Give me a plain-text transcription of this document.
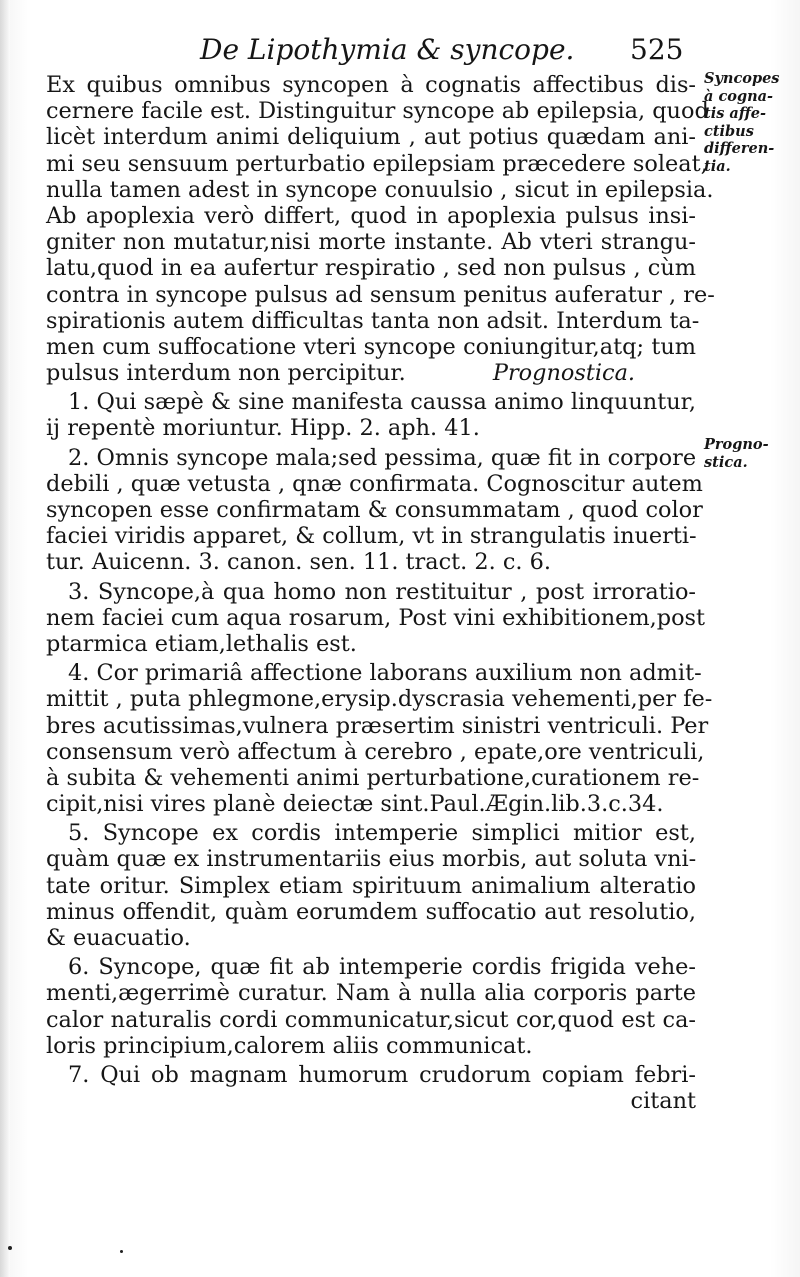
De Lipothymia & syncope. 525
Syncopes
à cogna-
tis affe-
ctibus
differen-
tia.
Progno-
stica.
Ex quibus omnibus syncopen à cognatis affectibus dis-
cernere facile est. Distinguitur syncope ab epilepsia, quod
licèt interdum animi deliquium , aut potius quædam ani-
mi seu sensuum perturbatio epilepsiam præcedere soleat,
nulla tamen adest in syncope conuulsio , sicut in epilepsia.
Ab apoplexia verò differt, quod in apoplexia pulsus insi-
gniter non mutatur,nisi morte instante. Ab vteri strangu-
latu,quod in ea aufertur respiratio , sed non pulsus , cùm
contra in syncope pulsus ad sensum penitus auferatur , re-
spirationis autem difficultas tanta non adsit. Interdum ta-
men cum suffocatione vteri syncope coniungitur,atq; tum
pulsus interdum non percipitur.	Prognostica.
1. Qui sæpè & sine manifesta caussa animo linquuntur,
ij repentè moriuntur. Hipp. 2. aph. 41.
2. Omnis syncope mala;sed pessima, quæ fit in corpore
debili , quæ vetusta , qnæ confirmata. Cognoscitur autem
syncopen esse confirmatam & consummatam , quod color
faciei viridis apparet, & collum, vt in strangulatis inuerti-
tur. Auicenn. 3. canon. sen. 11. tract. 2. c. 6.
3. Syncope,à qua homo non restituitur , post irroratio-
nem faciei cum aqua rosarum, Post vini exhibitionem,post
ptarmica etiam,lethalis est.
4. Cor primariâ affectione laborans auxilium non admit-
mittit , puta phlegmone,erysip.dyscrasia vehementi,per fe-
bres acutissimas,vulnera præsertim sinistri ventriculi. Per
consensum verò affectum à cerebro , epate,ore ventriculi,
à subita & vehementi animi perturbatione,curationem re-
cipit,nisi vires planè deiectæ sint.Paul.Ægin.lib.3.c.34.
5. Syncope ex cordis intemperie simplici mitior est,
quàm quæ ex instrumentariis eius morbis, aut soluta vni-
tate oritur. Simplex etiam spirituum animalium alteratio
minus offendit, quàm eorumdem suffocatio aut resolutio,
& euacuatio.
6. Syncope, quæ fit ab intemperie cordis frigida vehe-
menti,ægerrimè curatur. Nam à nulla alia corporis parte
calor naturalis cordi communicatur,sicut cor,quod est ca-
loris principium,calorem aliis communicat.
7. Qui ob magnam humorum crudorum copiam febri-
citant
